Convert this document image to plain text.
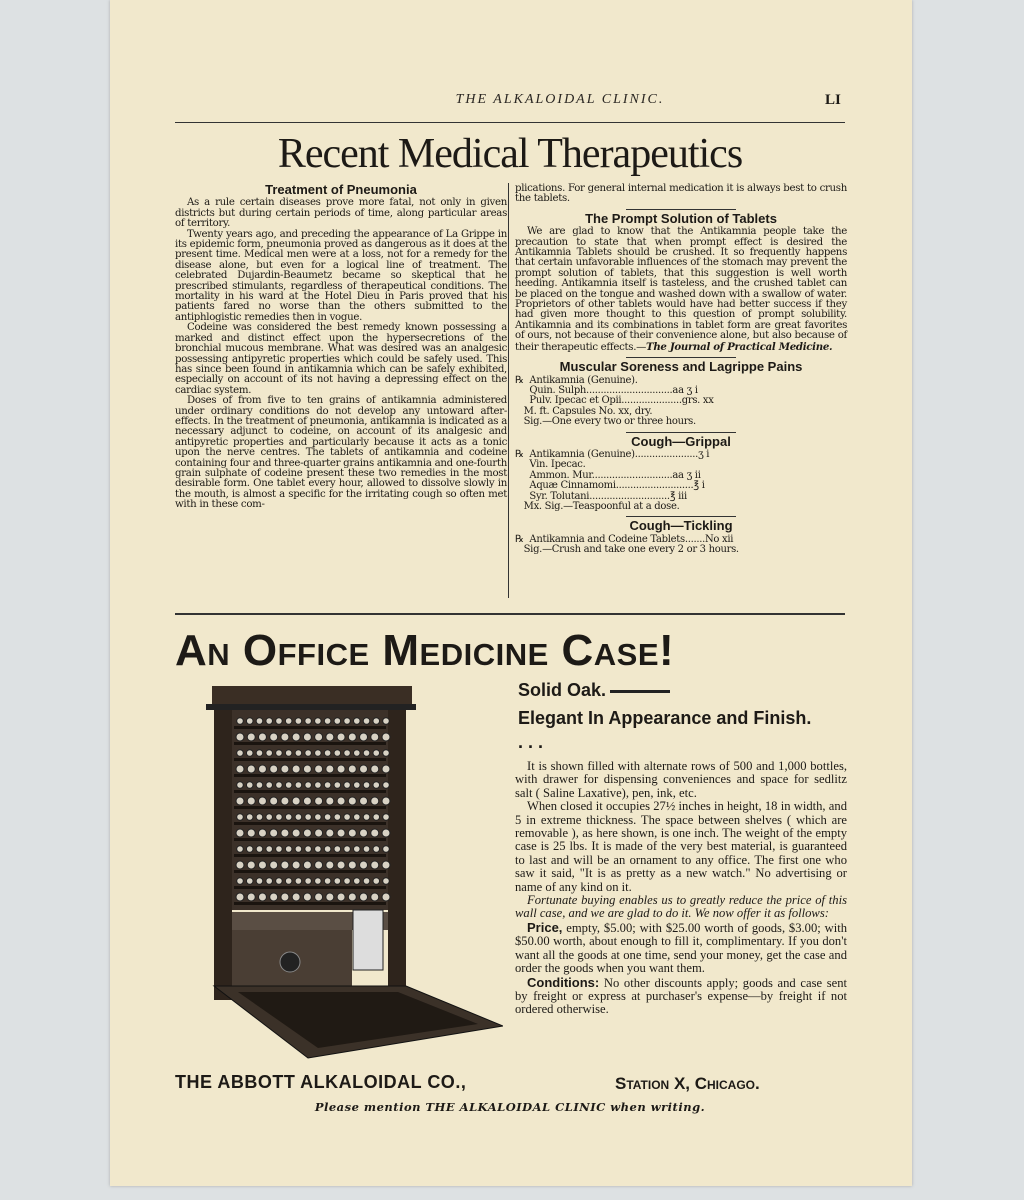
THE ALKALOIDAL CLINIC.	LI
Recent Medical Therapeutics
Treatment of Pneumonia

As a rule certain diseases prove more fatal, not only in given districts but during certain periods of time, along particular areas of territory.

Twenty years ago, and preceding the appearance of La Grippe in its epidemic form, pneumonia proved as dangerous as it does at the present time. Medical men were at a loss, not for a remedy for the disease alone, but even for a logical line of treatment. The celebrated Dujardin-Beaumetz became so skeptical that he prescribed stimulants, regardless of therapeutical conditions. The mortality in his ward at the Hotel Dieu in Paris proved that his patients fared no worse than the others submitted to the antiphlogistic remedies then in vogue.

Codeine was considered the best remedy known possessing a marked and distinct effect upon the hypersecretions of the bronchial mucous membrane. What was desired was an analgesic possessing antipyretic properties which could be safely used. This has since been found in antikamnia which can be safely exhibited, especially on account of its not having a depressing effect on the cardiac system.

Doses of from five to ten grains of antikamnia administered under ordinary conditions do not develop any untoward after-effects. In the treatment of pneumonia, antikamnia is indicated as a necessary adjunct to codeine, on account of its analgesic and antipyretic properties and particularly because it acts as a tonic upon the nerve centres. The tablets of antikamnia and codeine containing four and three-quarter grains antikamnia and one-fourth grain sulphate of codeine present these two remedies in the most desirable form. One tablet every hour, allowed to dissolve slowly in the mouth, is almost a specific for the irritating cough so often met with in these com-

plications. For general internal medication it is always best to crush the tablets.

The Prompt Solution of Tablets

We are glad to know that the Antikamnia people take the precaution to state that when prompt effect is desired the Antikamnia Tablets should be crushed. It so frequently happens that certain unfavorable influences of the stomach may prevent the prompt solution of tablets, that this suggestion is well worth heeding. Antikamnia itself is tasteless, and the crushed tablet can be placed on the tongue and washed down with a swallow of water. Proprietors of other tablets would have had better success if they had given more thought to this question of prompt solubility. Antikamnia and its combinations in tablet form are great favorites of ours, not because of their convenience alone, but also because of their therapeutic effects.—The Journal of Practical Medicine.

Muscular Soreness and Lagrippe Pains
℞  Antikamnia (Genuine).
Quin. Sulph..............................aa ʒ i
Pulv. Ipecac et Opii.....................grs. xx
M. ft. Capsules No. xx, dry.
Sig.—One every two or three hours.
Cough—Grippal
℞  Antikamnia (Genuine)......................ʒ i
Vin. Ipecac.
Ammon. Mur............................aa ʒ ii
Aquæ Cinnamomi...........................℥ i
Syr. Tolutani............................℥ iii
Mx. Sig.—Teaspoonful at a dose.
Cough—Tickling
℞  Antikamnia and Codeine Tablets.......No xii
Sig.—Crush and take one every 2 or 3 hours.
An Office Medicine Case!
Solid Oak.
Elegant In Appearance and Finish. . . .

It is shown filled with alternate rows of 500 and 1,000 bottles, with drawer for dispensing conveniences and space for sedlitz salt ( Saline Laxative), pen, ink, etc.

When closed it occupies 27½ inches in height, 18 in width, and 5 in extreme thickness. The space between shelves ( which are removable ), as here shown, is one inch. The weight of the empty case is 25 lbs. It is made of the very best material, is guaranteed to last and will be an ornament to any office. The first one who saw it said, "It is as pretty as a new watch." No advertising or name of any kind on it.

Fortunate buying enables us to greatly reduce the price of this wall case, and we are glad to do it. We now offer it as follows:

Price, empty, $5.00; with $25.00 worth of goods, $3.00; with $50.00 worth, about enough to fill it, complimentary. If you don't want all the goods at one time, send your money, get the case and order the goods when you want them.

Conditions: No other discounts apply; goods and case sent by freight or express at purchaser's expense—by freight if not ordered otherwise.

THE ABBOTT ALKALOIDAL CO.,	Station X, Chicago.
Please mention THE ALKALOIDAL CLINIC when writing.
